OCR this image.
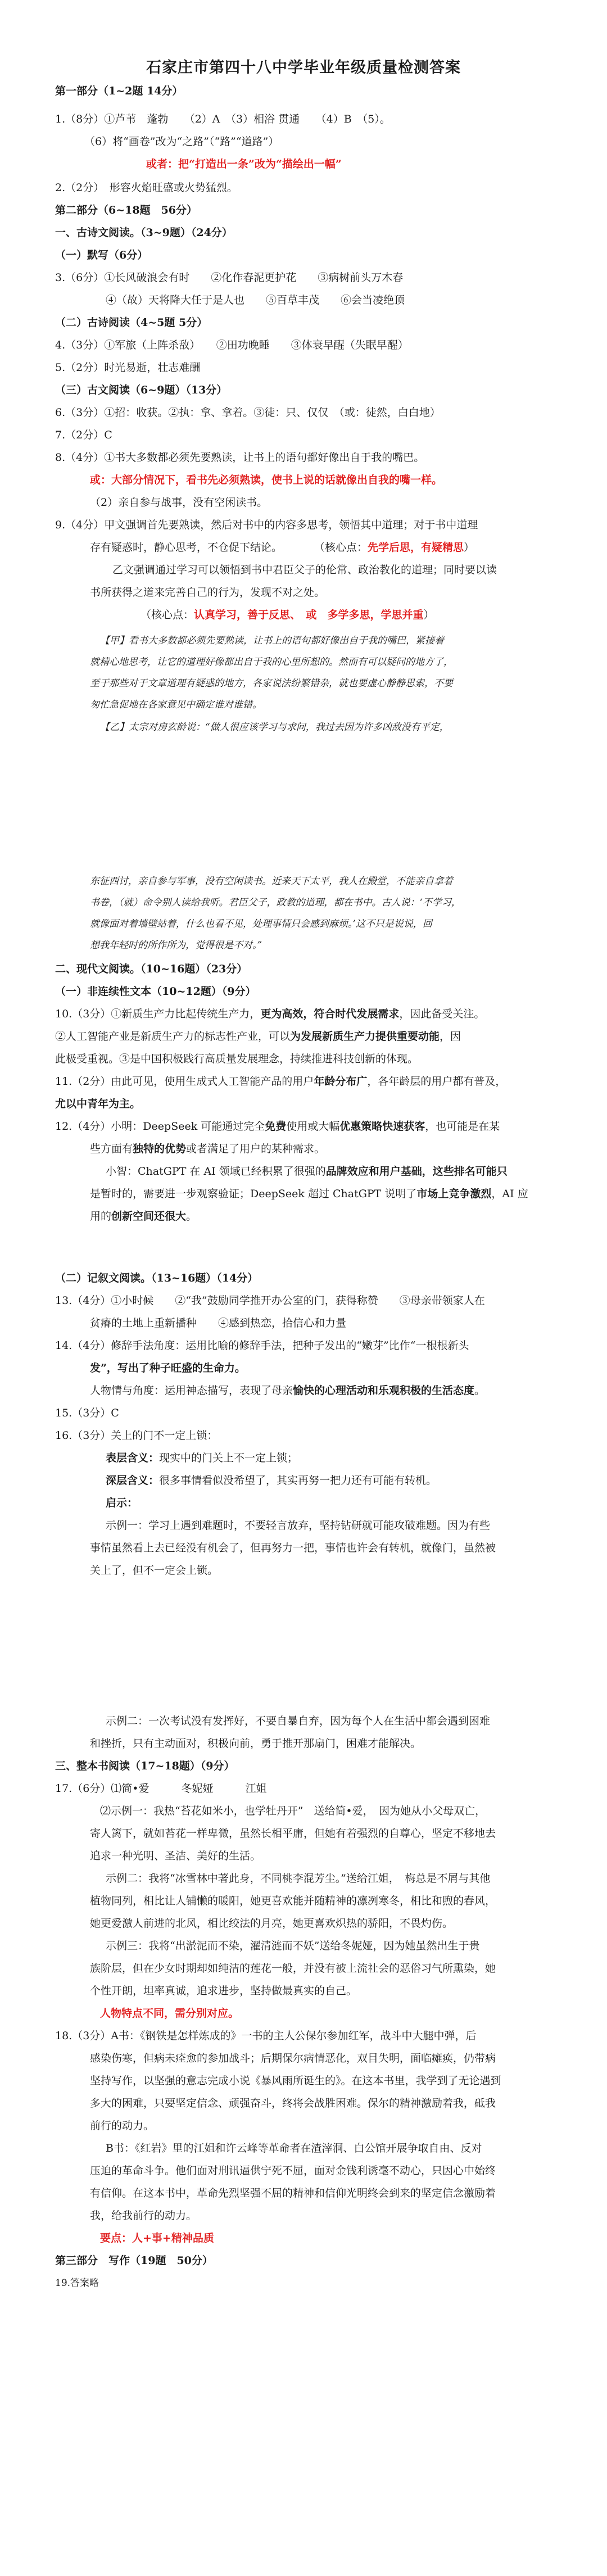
石家庄市第四十八中学毕业年级质量检测答案
第一部分（1~2题 14分）
1.（8分）①芦苇　蓬勃　　（2）A　（3）相浴 贯通　　（4）B　（5）。
（6）将“画卷”改为“之路”（“路”“道路”）
或者：把“打造出一条”改为“描绘出一幅”
2.（2分）　形容火焰旺盛或火势猛烈。
第二部分（6~18题　56分）
一、古诗文阅读。（3~9题）（24分）
（一）默写（6分）
3.（6分）①长风破浪会有时　　②化作春泥更护花　　③病树前头万木春
④（故）天将降大任于是人也　　⑤百草丰茂　　⑥会当凌绝顶
（二）古诗阅读（4~5题 5分）
4.（3分）①军旅（上阵杀敌）　　②田功晚睡　　③体衰早醒（失眠早醒）
5.（2分）时光易逝，壮志难酬
（三）古文阅读（6~9题）（13分）
6.（3分）①招：收获。②执：拿、拿着。③徒：只、仅仅　（或：徒然，白白地）
7.（2分）C
8.（4分）①书大多数都必须先要熟读，让书上的语句都好像出自于我的嘴巴。
或：大部分情况下，看书先必须熟读，使书上说的话就像出自我的嘴一样。
（2）亲自参与战事，没有空闲读书。
9.（4分）甲文强调首先要熟读，然后对书中的内容多思考，领悟其中道理；对于书中道理
存有疑惑时，静心思考，不仓促下结论。　　　　（核心点：先学后思，有疑精思）
乙文强调通过学习可以领悟到书中君臣父子的伦常、政治教化的道理；同时要以读
书所获得之道来完善自己的行为，发现不对之处。
（核心点：认真学习，善于反思、　或　多学多思，学思并重）
【甲】看书大多数都必须先要熟读，让书上的语句都好像出自于我的嘴巴，紧接着
就精心地思考，让它的道理好像都出自于我的心里所想的。然而有可以疑问的地方了，
至于那些对于文章道理有疑惑的地方，各家说法纷繁错杂，就也要虚心静静思索，不要
匆忙急促地在各家意见中确定谁对谁错。
【乙】太宗对房玄龄说：“做人很应该学习与求问，我过去因为许多凶敌没有平定，
东征西讨，亲自参与军事，没有空闲读书。近来天下太平，我人在殿堂，不能亲自拿着
书卷，（就）命令别人读给我听。君臣父子，政教的道理，都在书中。古人说：‘不学习，
就像面对着墙壁站着，什么也看不见，处理事情只会感到麻烦。’这不只是说说，回
想我年轻时的所作所为，觉得很是不对。”
二、现代文阅读。（10~16题）（23分）
（一）非连续性文本（10~12题）（9分）
10.（3分）①新质生产力比起传统生产力，更为高效，符合时代发展需求，因此备受关注。
②人工智能产业是新质生产力的标志性产业，可以为发展新质生产力提供重要动能，因
此极受重视。③是中国积极践行高质量发展理念，持续推进科技创新的体现。
11.（2分）由此可见，使用生成式人工智能产品的用户年龄分布广，各年龄层的用户都有普及，
尤以中青年为主。
12.（4分）小明：DeepSeek 可能通过完全免费使用或大幅优惠策略快速获客，也可能是在某
些方面有独特的优势或者满足了用户的某种需求。
小智：ChatGPT 在 AI 领域已经积累了很强的品牌效应和用户基础，这些排名可能只
是暂时的，需要进一步观察验证；DeepSeek 超过 ChatGPT 说明了市场上竞争激烈，AI 应
用的创新空间还很大。
（二）记叙文阅读。（13~16题）（14分）
13.（4分）①小时候　　②“我”鼓励同学推开办公室的门，获得称赞　　③母亲带领家人在
贫瘠的土地上重新播种　　④感到热恋，拾信心和力量
14.（4分）修辞手法角度：运用比喻的修辞手法，把种子发出的“嫩芽”比作“一根根新头
发”，写出了种子旺盛的生命力。
人物情与角度：运用神态描写，表现了母亲愉快的心理活动和乐观积极的生活态度。
15.（3分）C
16.（3分）关上的门不一定上锁：
表层含义：现实中的门关上不一定上锁；
深层含义：很多事情看似没希望了，其实再努一把力还有可能有转机。
启示：
示例一：学习上遇到难题时，不要轻言放弃，坚持钻研就可能攻破难题。因为有些
事情虽然看上去已经没有机会了，但再努力一把，事情也许会有转机，就像门，虽然被
关上了，但不一定会上锁。
示例二：一次考试没有发挥好，不要自暴自弃，因为每个人在生活中都会遇到困难
和挫折，只有主动面对，积极向前，勇于推开那扇门，困难才能解决。
三、整本书阅读（17~18题）（9分）
17.（6分）⑴简•爱　　　冬妮娅　　　江姐
⑵示例一：我热“苔花如米小，也学牡丹开”　送给简•爱，　因为她从小父母双亡，
寄人篱下，就如苔花一样卑微，虽然长相平庸，但她有着强烈的自尊心，坚定不移地去
追求一种光明、圣洁、美好的生活。
示例二：我将“冰雪林中著此身，不同桃李混芳尘。”送给江姐，　梅总是不屑与其他
植物同列，相比让人铺懒的暖阳，她更喜欢能并随精神的凛冽寒冬，相比和煦的春风，
她更爱激人前进的北风，相比绞法的月亮，她更喜欢炽热的骄阳，不畏灼伤。
示例三：我将“出淤泥而不染，濯清涟而不妖”送给冬妮娅，因为她虽然出生于贵
族阶层，但在少女时期却如纯洁的莲花一般，并没有被上流社会的恶俗习气所熏染，她
个性开朗，坦率真诚，追求进步，坚持做最真实的自己。
人物特点不同，需分别对应。
18.（3分）A书：《钢铁是怎样炼成的》一书的主人公保尔参加红军，战斗中大腿中弹，后
感染伤寒，但病未痊愈的参加战斗；后期保尔病情恶化，双目失明，面临瘫痪，仍带病
坚持写作，以坚强的意志完成小说《暴风雨所诞生的》。在这本书里，我学到了无论遇到
多大的困难，只要坚定信念、顽强奋斗，终将会战胜困难。保尔的精神激励着我，砥我
前行的动力。
B书：《红岩》里的江姐和许云峰等革命者在渣滓洞、白公馆开展争取自由、反对
压迫的革命斗争。他们面对刑讯逼供宁死不屈，面对金钱利诱毫不动心，只因心中始终
有信仰。在这本书中，革命先烈坚强不屈的精神和信仰光明终会到来的坚定信念激励着
我，给我前行的动力。
要点：人+事+精神品质
第三部分　写作（19题　50分）
19.答案略
